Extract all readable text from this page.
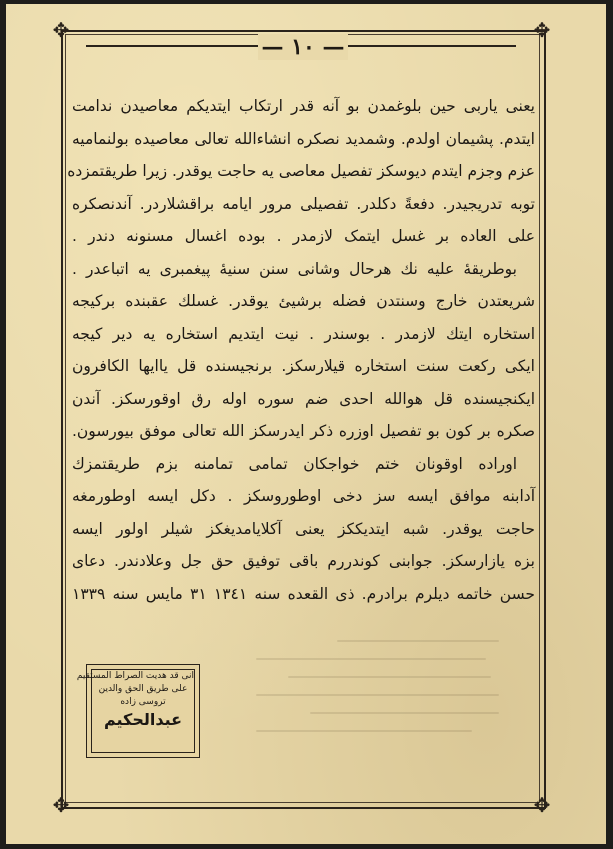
✥	✥
✥	✥
— ١٠ —
یعنی یاربی حین بلوغمدن بو آنه قدر ارتکاب ایتدیکم معاصیدن ندامت
ایتدم. پشیمان اولدم. وشمدید نصکره انشاءالله تعالی معاصیده بولنمامیه
عزم وجزم ایتدم دیوسکز تفصیل معاصی یه حاجت یوقدر. زیرا طریقتمزده
توبه تدریجیدر. دفعةً دکلدر. تفصیلی مرور ایامه براقشلاردر. آندنصکره
علی العاده بر غسل ایتمک لازمدر . بوده اغسال مسنونه دندر .
بوطریقهٔ علیه نك هرحال وشانی سنن سنیهٔ پیغمبری یه اتباعدر .
شریعتدن خارج وسنتدن فضله برشیئ یوقدر. غسلك عقبنده برکیجه
استخاره ایتك لازمدر . بوسندر . نیت ایتدیم استخاره یه دیر کیجه
ایکی رکعت سنت استخاره قیلارسکز. برنجیسنده قل یاایها الکافرون
ایکنجیسنده قل هوالله احدی ضم سوره اوله رق اوقورسکز. آندن
صکره بر کون بو تفصیل اوزره ذکر ایدرسکز الله تعالی موفق بیورسون.
اوراده اوقونان ختم خواجکان تمامی تمامنه بزم طریقتمزك
آدابنه موافق ایسه سز دخی اوطوروسکز . دکل ایسه اوطورمغه
حاجت یوقدر. شبه ایتدیککز یعنی آکلایامدیغکز شیلر اولور ایسه
بزه یازارسکز. جوابنی کوندررم باقی توفیق حق جل وعلادندر. دعای
حسن خاتمه دیلرم برادرم. ذی القعده سنه ١٣٤١ ٣١ مایس سنه ١٣٣٩
انی قد هدیت الصراط المستقیم
علی طریق الحق والدین
تروسی زاده
عبدالحکیم
